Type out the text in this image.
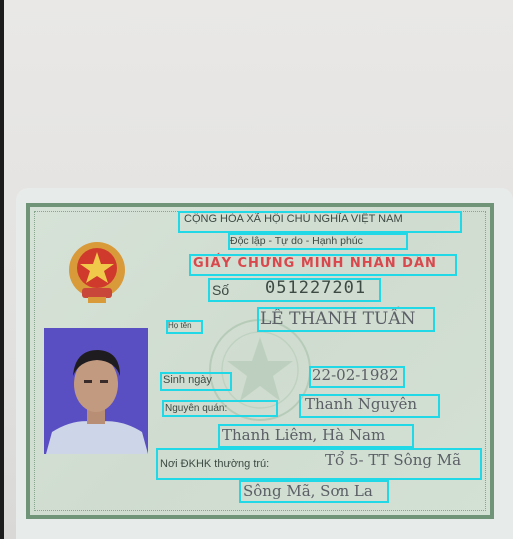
CỘNG HÒA XÃ HỘI CHỦ NGHĨA VIỆT NAM

Độc lập - Tự do - Hạnh phúc

GIẤY CHỨNG MINH NHÂN DÂN

Số 051227201

Họ tên	LÊ THANH TUẤN

Sinh ngày	22-02-1982

Nguyên quán:	Thanh Nguyên

Thanh Liêm, Hà Nam

Nơi ĐKHK thường trú:	Tổ 5- TT Sông Mã

Sông Mã, Sơn La
